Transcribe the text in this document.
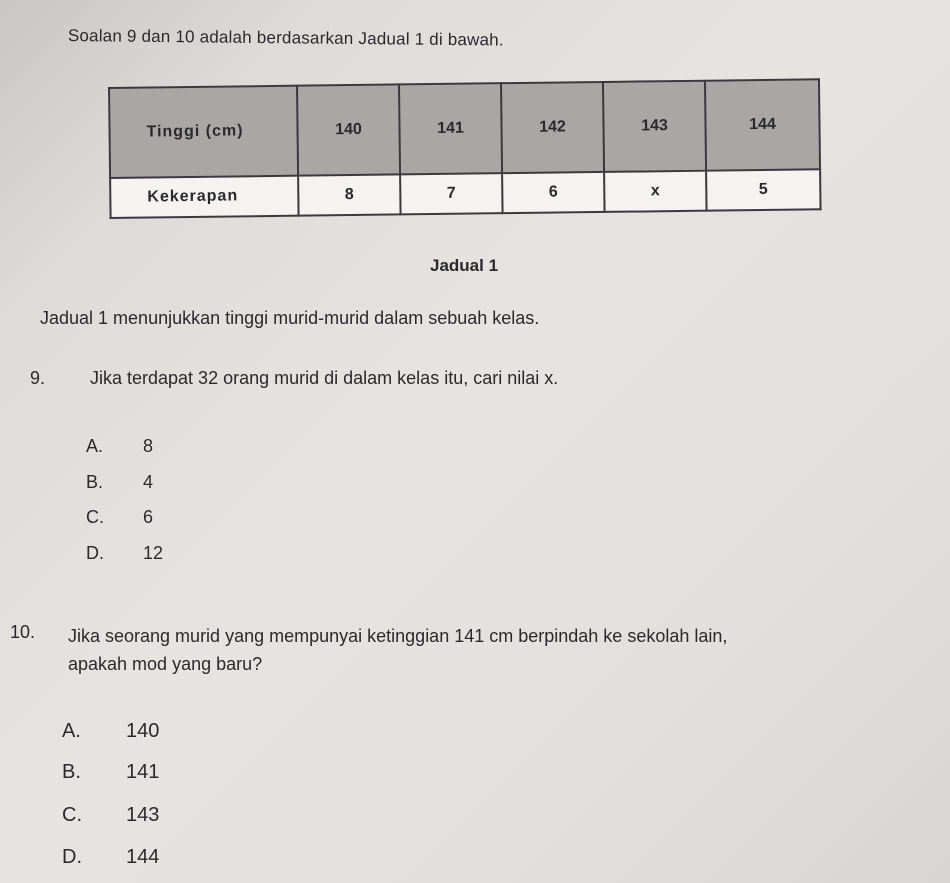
Soalan 9 dan 10 adalah berdasarkan Jadual 1 di bawah.
Tinggi (cm)	140	141	142	143	144
Kekerapan	8	7	6	x	5
Jadual 1
Jadual 1 menunjukkan tinggi murid-murid dalam sebuah kelas.
9. Jika terdapat 32 orang murid di dalam kelas itu, cari nilai x.
A. 8
B. 4
C. 6
D. 12
10. Jika seorang murid yang mempunyai ketinggian 141 cm berpindah ke sekolah lain,
apakah mod yang baru?
A. 140
B. 141
C. 143
D. 144
